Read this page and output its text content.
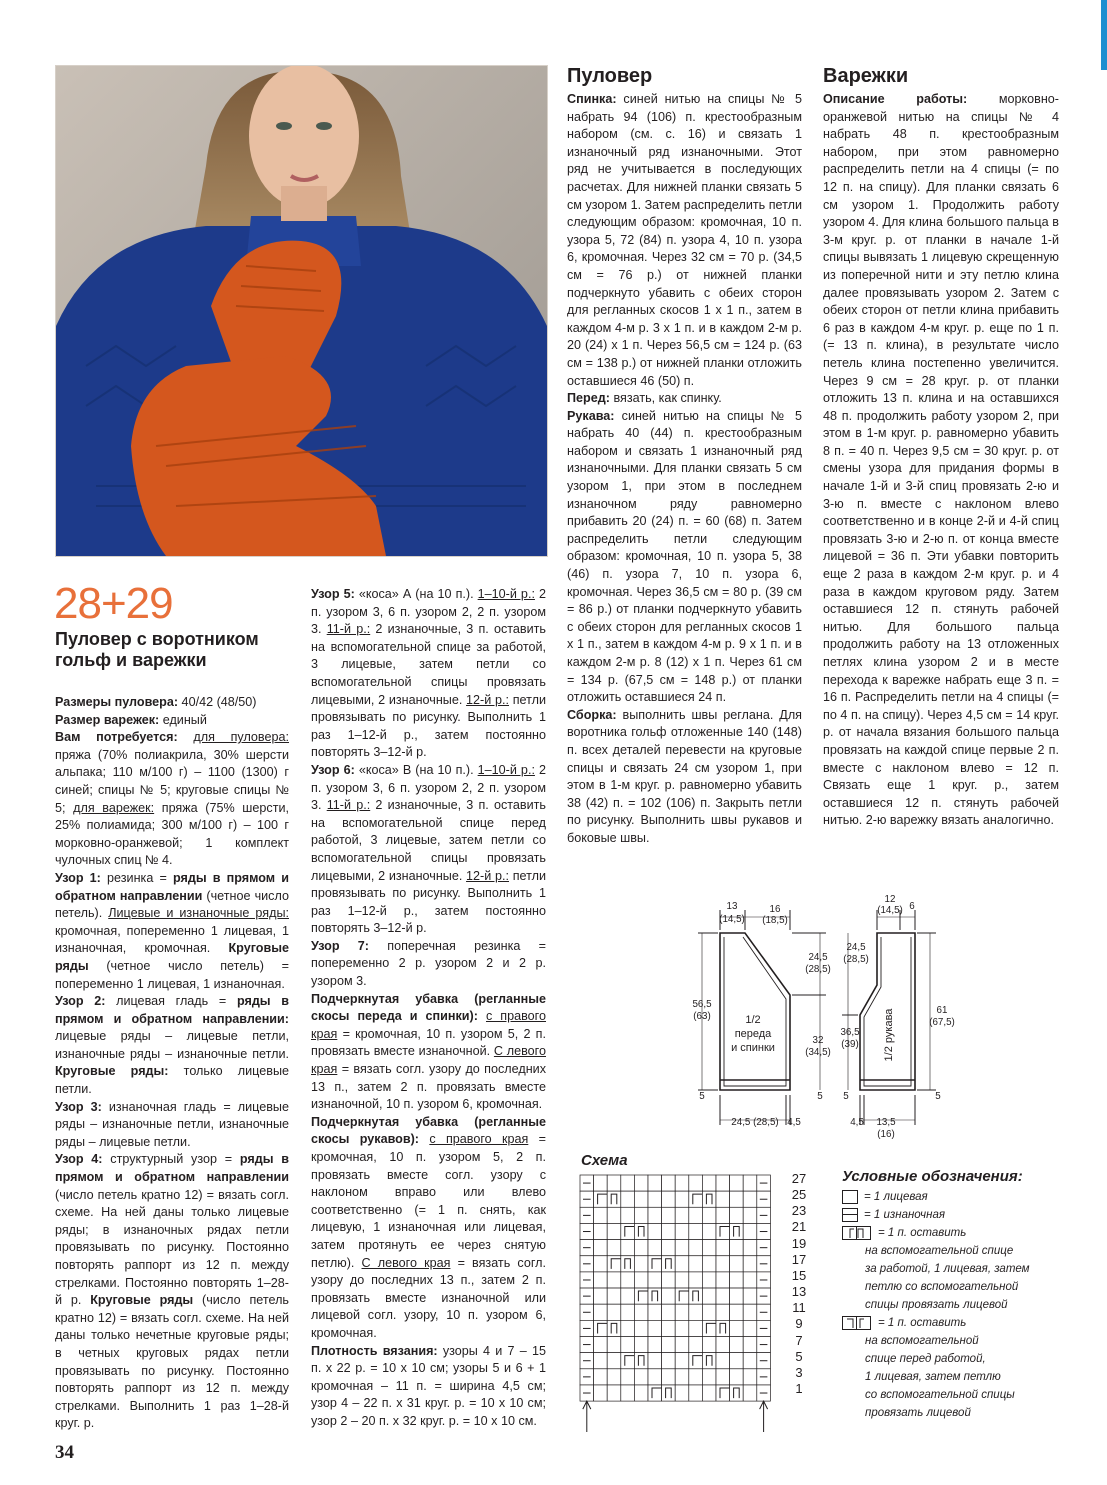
28+29
Пуловер с воротником гольф и варежки

Размеры пуловера: 40/42 (48/50)

Размер варежек: единый

Вам потребуется: для пуловера: пряжа (70% полиакрила, 30% шерсти альпака; 110 м/100 г) – 1100 (1300) г синей; спицы № 5; круговые спицы № 5; для варежек: пряжа (75% шерсти, 25% полиамида; 300 м/100 г) – 100 г морковно-оранжевой; 1 комплект чулочных спиц № 4.

Узор 1: резинка = ряды в прямом и обратном направлении (четное число петель). Лицевые и изнаночные ряды: кромочная, попеременно 1 лицевая, 1 изнаночная, кромочная. Круговые ряды (четное число петель) = попеременно 1 лицевая, 1 изнаночная.

Узор 2: лицевая гладь = ряды в прямом и обратном направлении: лицевые ряды – лицевые петли, изнаночные ряды – изнаночные петли. Круговые ряды: только лицевые петли.

Узор 3: изнаночная гладь = лицевые ряды – изнаночные петли, изнаночные ряды – лицевые петли.

Узор 4: структурный узор = ряды в прямом и обратном направлении (число петель кратно 12) = вязать согл. схеме. На ней даны только лицевые ряды; в изнаночных рядах петли провязывать по рисунку. Постоянно повторять раппорт из 12 п. между стрелками. Постоянно повторять 1–28-й р. Круговые ряды (число петель кратно 12) = вязать согл. схеме. На ней даны только нечетные круговые ряды; в четных круговых рядах петли провязывать по рисунку. Постоянно повторять раппорт из 12 п. между стрелками. Выполнить 1 раз 1–28-й круг. р.

Узор 5: «коса» А (на 10 п.). 1–10-й р.: 2 п. узором 3, 6 п. узором 2, 2 п. узором 3. 11-й р.: 2 изнаночные, 3 п. оставить на вспомогательной спице за работой, 3 лицевые, затем петли со вспомогательной спицы провязать лицевыми, 2 изнаночные. 12-й р.: петли провязывать по рисунку. Выполнить 1 раз 1–12-й р., затем постоянно повторять 3–12-й р.

Узор 6: «коса» В (на 10 п.). 1–10-й р.: 2 п. узором 3, 6 п. узором 2, 2 п. узором 3. 11-й р.: 2 изнаночные, 3 п. оставить на вспомогательной спице перед работой, 3 лицевые, затем петли со вспомогательной спицы провязать лицевыми, 2 изнаночные. 12-й р.: петли провязывать по рисунку. Выполнить 1 раз 1–12-й р., затем постоянно повторять 3–12-й р.

Узор 7: поперечная резинка = попеременно 2 р. узором 2 и 2 р. узором 3.

Подчеркнутая убавка (регланные скосы переда и спинки): с правого края = кромочная, 10 п. узором 5, 2 п. провязать вместе изнаночной. С левого края = вязать согл. узору до последних 13 п., затем 2 п. провязать вместе изнаночной, 10 п. узором 6, кромочная.

Подчеркнутая убавка (регланные скосы рукавов): с правого края = кромочная, 10 п. узором 5, 2 п. провязать вместе согл. узору с наклоном вправо или влево соответственно (= 1 п. снять, как лицевую, 1 изнаночная или лицевая, затем протянуть ее через снятую петлю). С левого края = вязать согл. узору до последних 13 п., затем 2 п. провязать вместе изнаночной или лицевой согл. узору, 10 п. узором 6, кромочная.

Плотность вязания: узоры 4 и 7 – 15 п. x 22 р. = 10 x 10 см; узоры 5 и 6 + 1 кромочная – 11 п. = ширина 4,5 см; узор 4 – 22 п. x 31 круг. р. = 10 x 10 см; узор 2 – 20 п. x 32 круг. р. = 10 x 10 см.

Пуловер

Спинка: синей нитью на спицы № 5 набрать 94 (106) п. крестообразным набором (см. с. 16) и связать 1 изнаночный ряд изнаночными. Этот ряд не учитывается в последующих расчетах. Для нижней планки связать 5 см узором 1. Затем распределить петли следующим образом: кромочная, 10 п. узора 5, 72 (84) п. узора 4, 10 п. узора 6, кромочная. Через 32 см = 70 р. (34,5 см = 76 р.) от нижней планки подчеркнуто убавить с обеих сторон для регланных скосов 1 x 1 п., затем в каждом 4-м р. 3 x 1 п. и в каждом 2-м р. 20 (24) x 1 п. Через 56,5 см = 124 р. (63 см = 138 р.) от нижней планки отложить оставшиеся 46 (50) п.

Перед: вязать, как спинку.

Рукава: синей нитью на спицы № 5 набрать 40 (44) п. крестообразным набором и связать 1 изнаночный ряд изнаночными. Для планки связать 5 см узором 1, при этом в последнем изнаночном ряду равномерно прибавить 20 (24) п. = 60 (68) п. Затем распределить петли следующим образом: кромочная, 10 п. узора 5, 38 (46) п. узора 7, 10 п. узора 6, кромочная. Через 36,5 см = 80 р. (39 см = 86 р.) от планки подчеркнуто убавить с обеих сторон для регланных скосов 1 x 1 п., затем в каждом 4-м р. 9 x 1 п. и в каждом 2-м р. 8 (12) x 1 п. Через 61 см = 134 р. (67,5 см = 148 р.) от планки отложить оставшиеся 24 п.

Сборка: выполнить швы реглана. Для воротника гольф отложенные 140 (148) п. всех деталей перевести на круговые спицы и связать 24 см узором 1, при этом в 1-м круг. р. равномерно убавить 38 (42) п. = 102 (106) п. Закрыть петли по рисунку. Выполнить швы рукавов и боковые швы.

Варежки

Описание работы: морковно-оранжевой нитью на спицы № 4 набрать 48 п. крестообразным набором, при этом равномерно распределить петли на 4 спицы (= по 12 п. на спицу). Для планки связать 6 см узором 1. Продолжить работу узором 4. Для клина большого пальца в 3-м круг. р. от планки в начале 1-й спицы вывязать 1 лицевую скрещенную из поперечной нити и эту петлю клина далее провязывать узором 2. Затем с обеих сторон от петли клина прибавить 6 раз в каждом 4-м круг. р. еще по 1 п. (= 13 п. клина), в результате число петель клина постепенно увеличится. Через 9 см = 28 круг. р. от планки отложить 13 п. клина и на оставшихся 48 п. продолжить работу узором 2, при этом в 1-м круг. р. равномерно убавить 8 п. = 40 п. Через 9,5 см = 30 круг. р. от смены узора для придания формы в начале 1-й и 3-й спиц провязать 2-ю и 3-ю п. вместе с наклоном влево соответственно и в конце 2-й и 4-й спиц провязать 3-ю и 2-ю п. от конца вместе лицевой = 36 п. Эти убавки повторить еще 2 раза в каждом 2-м круг. р. и 4 раза в каждом круговом ряду. Затем оставшиеся 12 п. стянуть рабочей нитью. Для большого пальца продолжить работу на 13 отложенных петлях клина узором 2 и в месте перехода к варежке набрать еще 3 п. = 16 п. Распределить петли на 4 спицы (= по 4 п. на спицу). Через 4,5 см = 14 круг. р. от начала вязания большого пальца провязать на каждой спице первые 2 п. вместе с наклоном влево = 12 п. Связать еще 1 круг. р., затем оставшиеся 12 п. стянуть рабочей нитью. 2-ю варежку вязать аналогично.

13
(14,5)
16
(18,5)
24,5
(28,5)
56,5
(63)
32
(34,5)
1/2
переда
и спинки
5	5
24,5 (28,5) 4,5
12
(14,5) 6
24,5
(28,5)
36,5
(39)
61
(67,5)
1/2 рукава
5	5
4,5 13,5
(16)
Схема
27
25
23
21
19
17
15
13
11
9
7
5
3
1
Условные обозначения:
= 1 лицевая
= 1 изнаночная
= 1 п. оставить
на вспомогательной спице
за работой, 1 лицевая, затем
петлю со вспомогательной
спицы провязать лицевой
= 1 п. оставить
на вспомогательной
спице перед работой,
1 лицевая, затем петлю
со вспомогательной спицы
провязать лицевой
34
